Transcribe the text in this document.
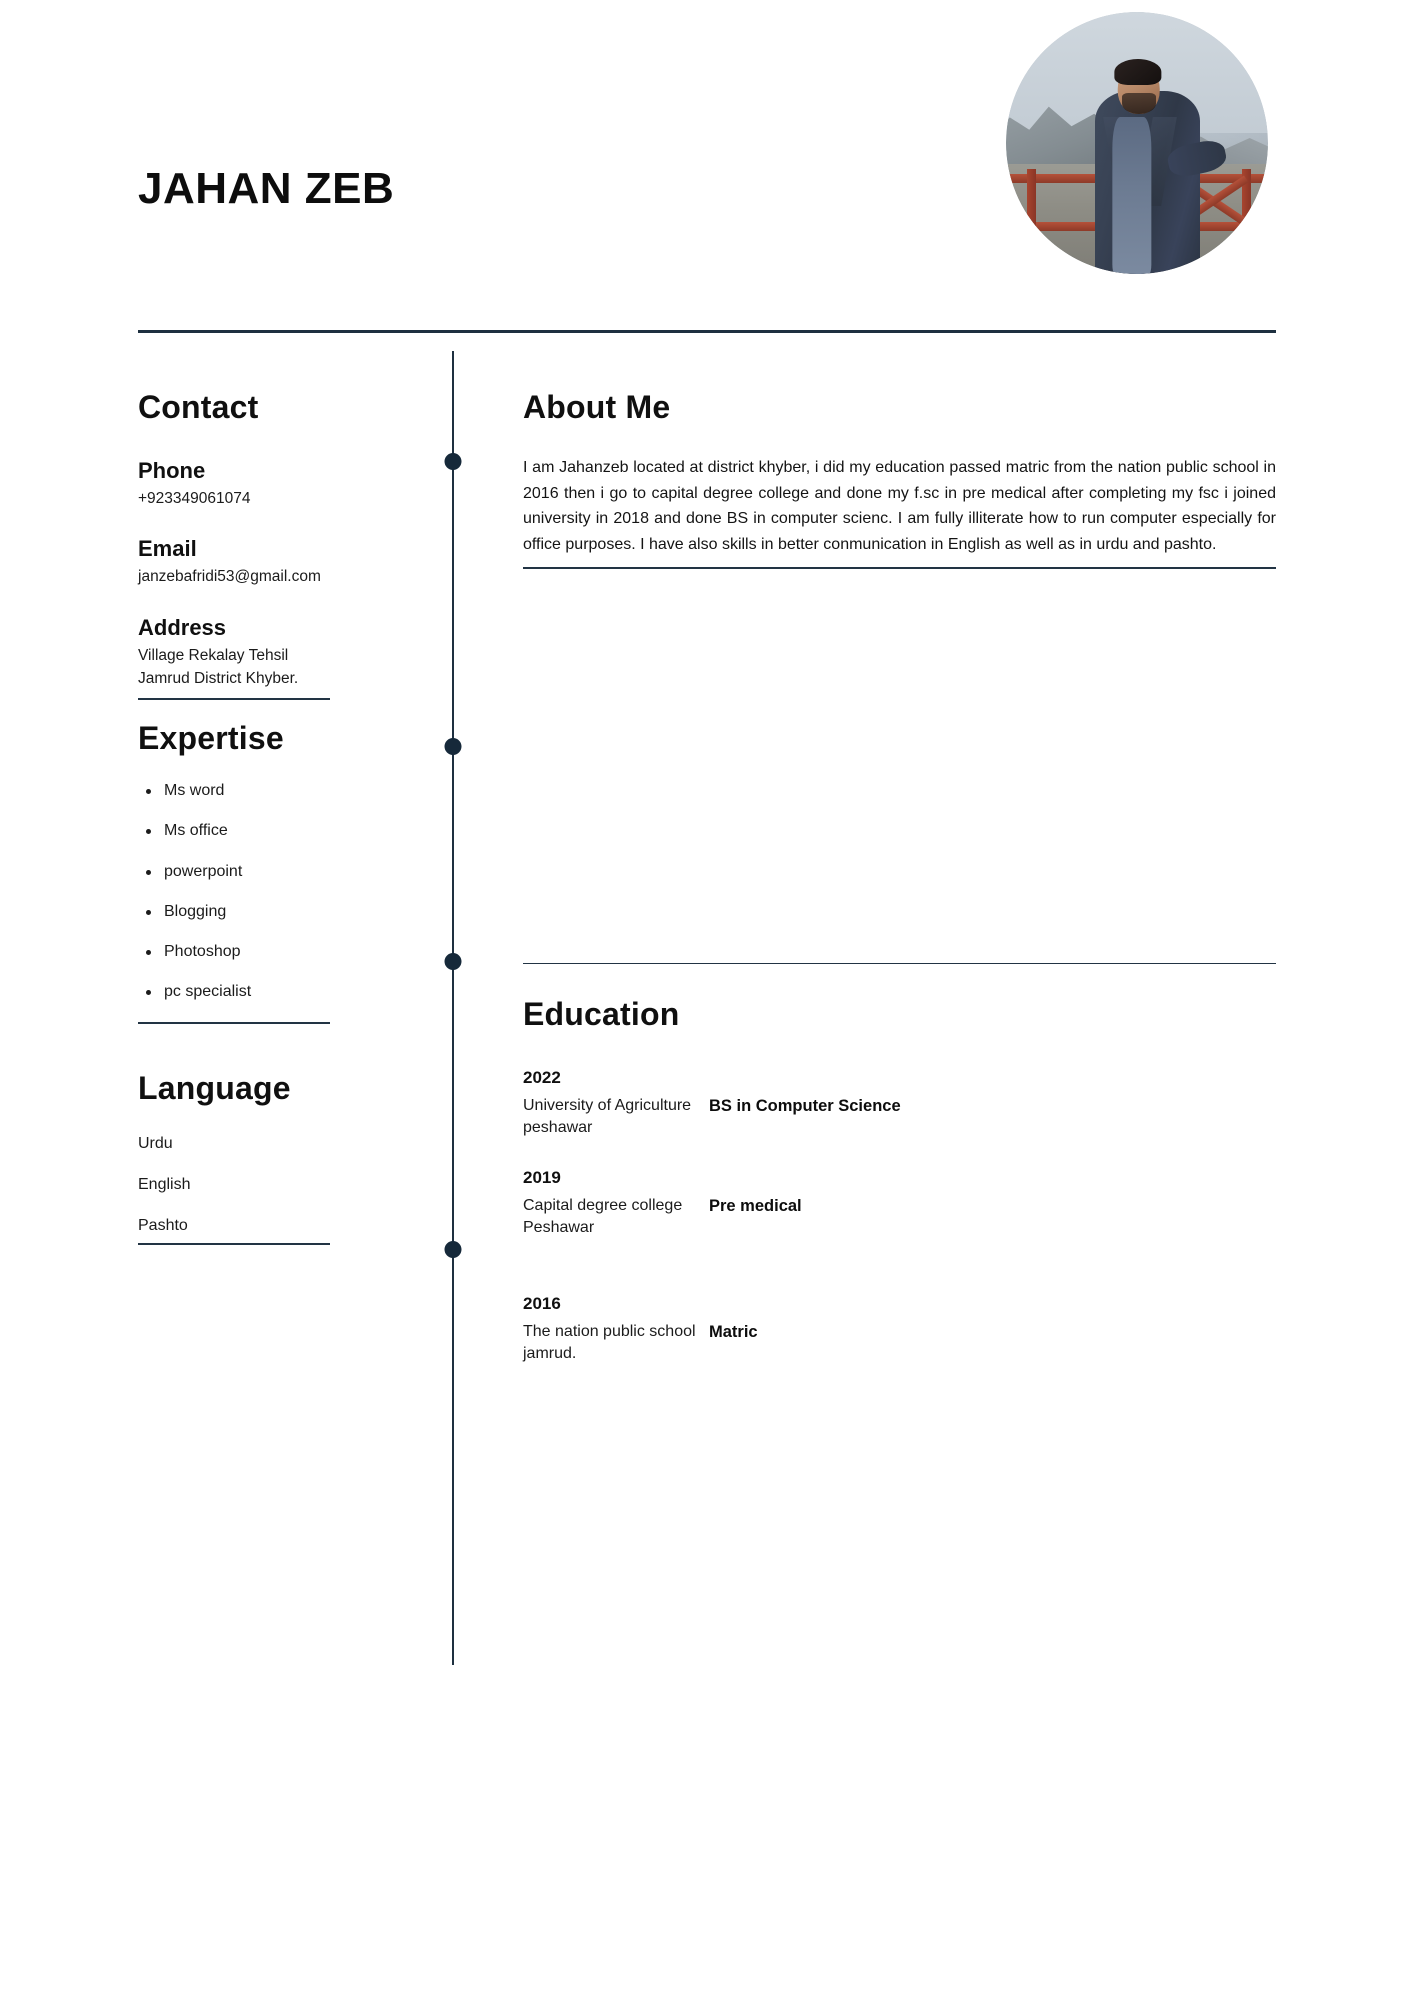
JAHAN ZEB
Contact
Phone
+923349061074
Email
janzebafridi53@gmail.com
Address
Village Rekalay Tehsil Jamrud District Khyber.
Expertise
Ms word
Ms office
powerpoint
Blogging
Photoshop
pc specialist
Language
Urdu
English
Pashto
About Me

I am Jahanzeb located at district khyber, i did my education passed matric from the nation public school in 2016 then i go to capital degree college and done my f.sc in pre medical after completing my fsc i joined university in 2018 and done BS in computer scienc. I am fully illiterate how to run computer especially for office purposes. I have also skills in better conmunication in English as well as in urdu and pashto.

Education
2022
University of Agriculture peshawar
BS in Computer Science
2019
Capital degree college Peshawar
Pre medical
2016
The nation public school jamrud.
Matric
